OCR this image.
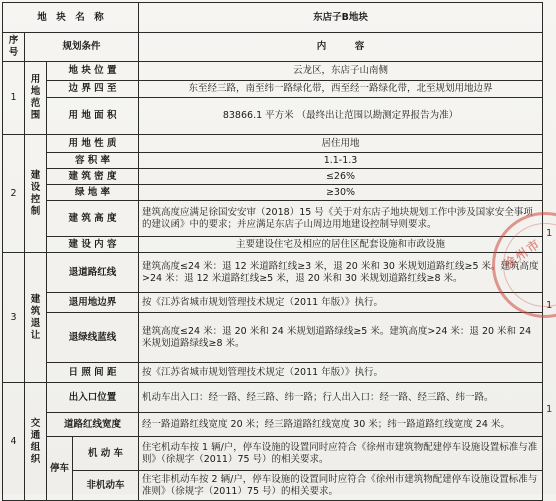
地　块　名　称				东店子B地块
序号	规划条件			内　　　容
1	用地范围	地 块 位 置		云龙区，东店子山南侧
		边 界 四 至		东至经三路，南至纬一路绿化带，西至经一路绿化带，北至规划用地边界
		用 地 面 积		83866.1 平方米 （最终出让范围以勘测定界报告为准）
2	建设控制	用 地 性 质		居住用地
		容 积 率		1.1-1.3
		建 筑 密 度		≤26%
		绿 地 率		≥30%
		建 筑 高 度		建筑高度应满足徐国安安审（2018）15 号《关于对东店子地块规划工作中涉及国家安全事项的建议函》中的要求；并应满足东店子山周边用地建设控制导则要求。
		建 设 内 容		主要建设住宅及相应的居住区配套设施和市政设施
3	建筑退让	退道路红线		建筑高度≤24 米：退 12 米道路红线≥3 米，退 20 米和 30 米规划道路红线≥5 米。建筑高度>24 米：退 12 米道路红线≥5 米，退 20 米和 30 米规划道路红线≥8 米。
		退用地边界		按《江苏省城市规划管理技术规定（2011 年版）》执行。
		退绿线蓝线		建筑高度≤24 米：退 20 米和 24 米规划道路绿线≥5 米。建筑高度>24 米：退 20 米和 24 米规划道路绿线≥8 米。
		日 照 间 距		按《江苏省城市规划管理技术规定（2011 年版）》执行。
4	交通组织	出入口位置		机动车出入口：经一路、经三路、纬一路；行人出入口：经一路、经三路、纬一路。
		道路红线宽度		经一路道路红线宽度 20 米；经三路道路红线宽度 30 米；纬一路道路红线宽度 24 米。
		停车	机 动 车	住宅机动车按 1 辆/户，停车设施的设置同时应符合《徐州市建筑物配建停车设施设置标准与准则》（徐规字（2011）75 号）的相关要求。
			非机动车	住宅非机动车按 2 辆/户，停车设施的设置同时应符合《徐州市建筑物配建停车设施设置标准与准则》（徐规字（2011）75 号）的相关要求。
徐州市
1
1
1
